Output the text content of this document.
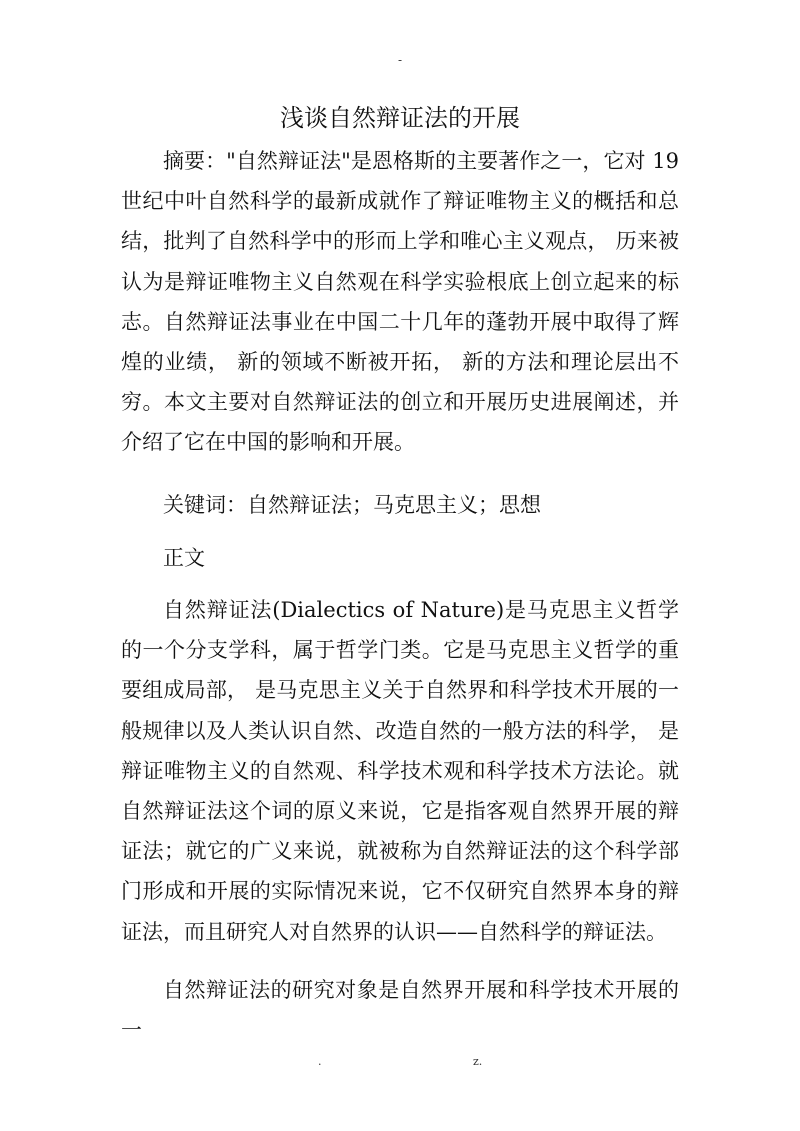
-
浅谈自然辩证法的开展

摘要："自然辩证法"是恩格斯的主要著作之一，它对 19 世纪中叶自然科学的最新成就作了辩证唯物主义的概括和总结，批判了自然科学中的形而上学和唯心主义观点， 历来被认为是辩证唯物主义自然观在科学实验根底上创立起来的标志。自然辩证法事业在中国二十几年的蓬勃开展中取得了辉煌的业绩， 新的领域不断被开拓， 新的方法和理论层出不穷。本文主要对自然辩证法的创立和开展历史进展阐述，并介绍了它在中国的影响和开展。

关键词：自然辩证法；马克思主义；思想

正文

自然辩证法(Dialectics of Nature)是马克思主义哲学的一个分支学科，属于哲学门类。它是马克思主义哲学的重要组成局部， 是马克思主义关于自然界和科学技术开展的一般规律以及人类认识自然、改造自然的一般方法的科学， 是辩证唯物主义的自然观、科学技术观和科学技术方法论。就自然辩证法这个词的原义来说，它是指客观自然界开展的辩证法；就它的广义来说，就被称为自然辩证法的这个科学部门形成和开展的实际情况来说，它不仅研究自然界本身的辩证法，而且研究人对自然界的认识——自然科学的辩证法。

自然辩证法的研究对象是自然界开展和科学技术开展的一

.	z.
